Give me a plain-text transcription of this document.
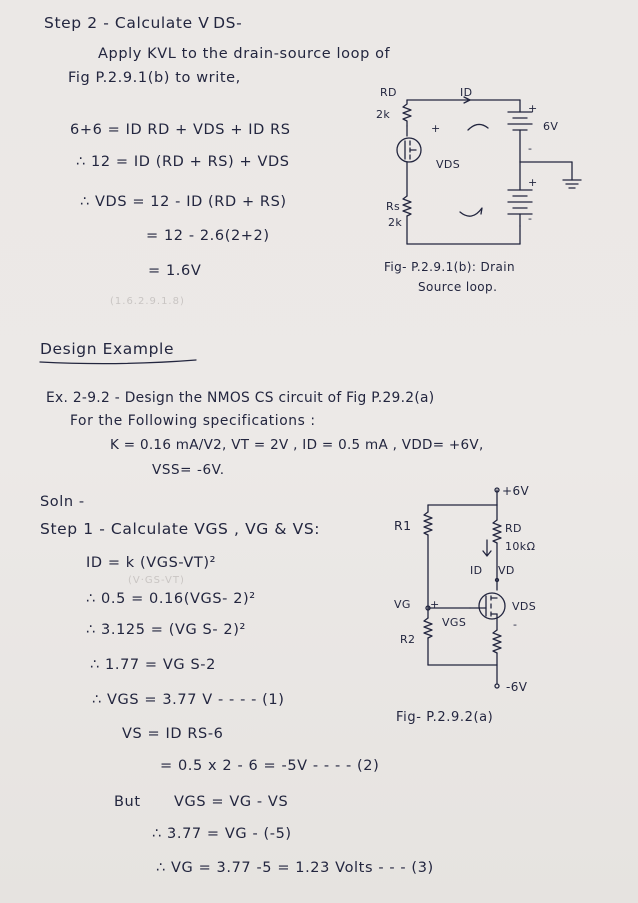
(1.6.2.9.1.8)
(V·GS-VT)
Step 2 - Calculate V DS-
Apply KVL to the drain-source loop of
Fig P.2.9.1(b) to write,
6+6 = ID RD + VDS + ID RS
∴ 12 = ID (RD + RS) + VDS
∴ VDS = 12 - ID (RD + RS)
= 12 - 2.6(2+2)
= 1.6V
RD
2k
ID
+
VDS
Rs
2k
+
6V
-
+
-
Fig- P.2.9.1(b): Drain
Source loop.
Design Example
Ex. 2-9.2 - Design the NMOS CS circuit of Fig P.29.2(a)
For the Following specifications :
K = 0.16 mA/V2, VT = 2V , ID = 0.5 mA , VDD= +6V,
VSS= -6V.
Soln -
Step 1 - Calculate VGS , VG & VS:
ID = k (VGS-VT)²
∴ 0.5 = 0.16(VGS- 2)²
∴ 3.125 = (VG S- 2)²
∴ 1.77 = VG S-2
∴ VGS = 3.77 V - - - - (1)
VS = ID RS-6
= 0.5 x 2 - 6 = -5V - - - - (2)
But VGS = VG - VS
∴ 3.77 = VG - (-5)
∴ VG = 3.77 -5 = 1.23 Volts - - - (3)
+6V
R1	RD
10kΩ
ID VD
VG +	VDS
VGS	-
R2
-6V
Fig- P.2.9.2(a)
